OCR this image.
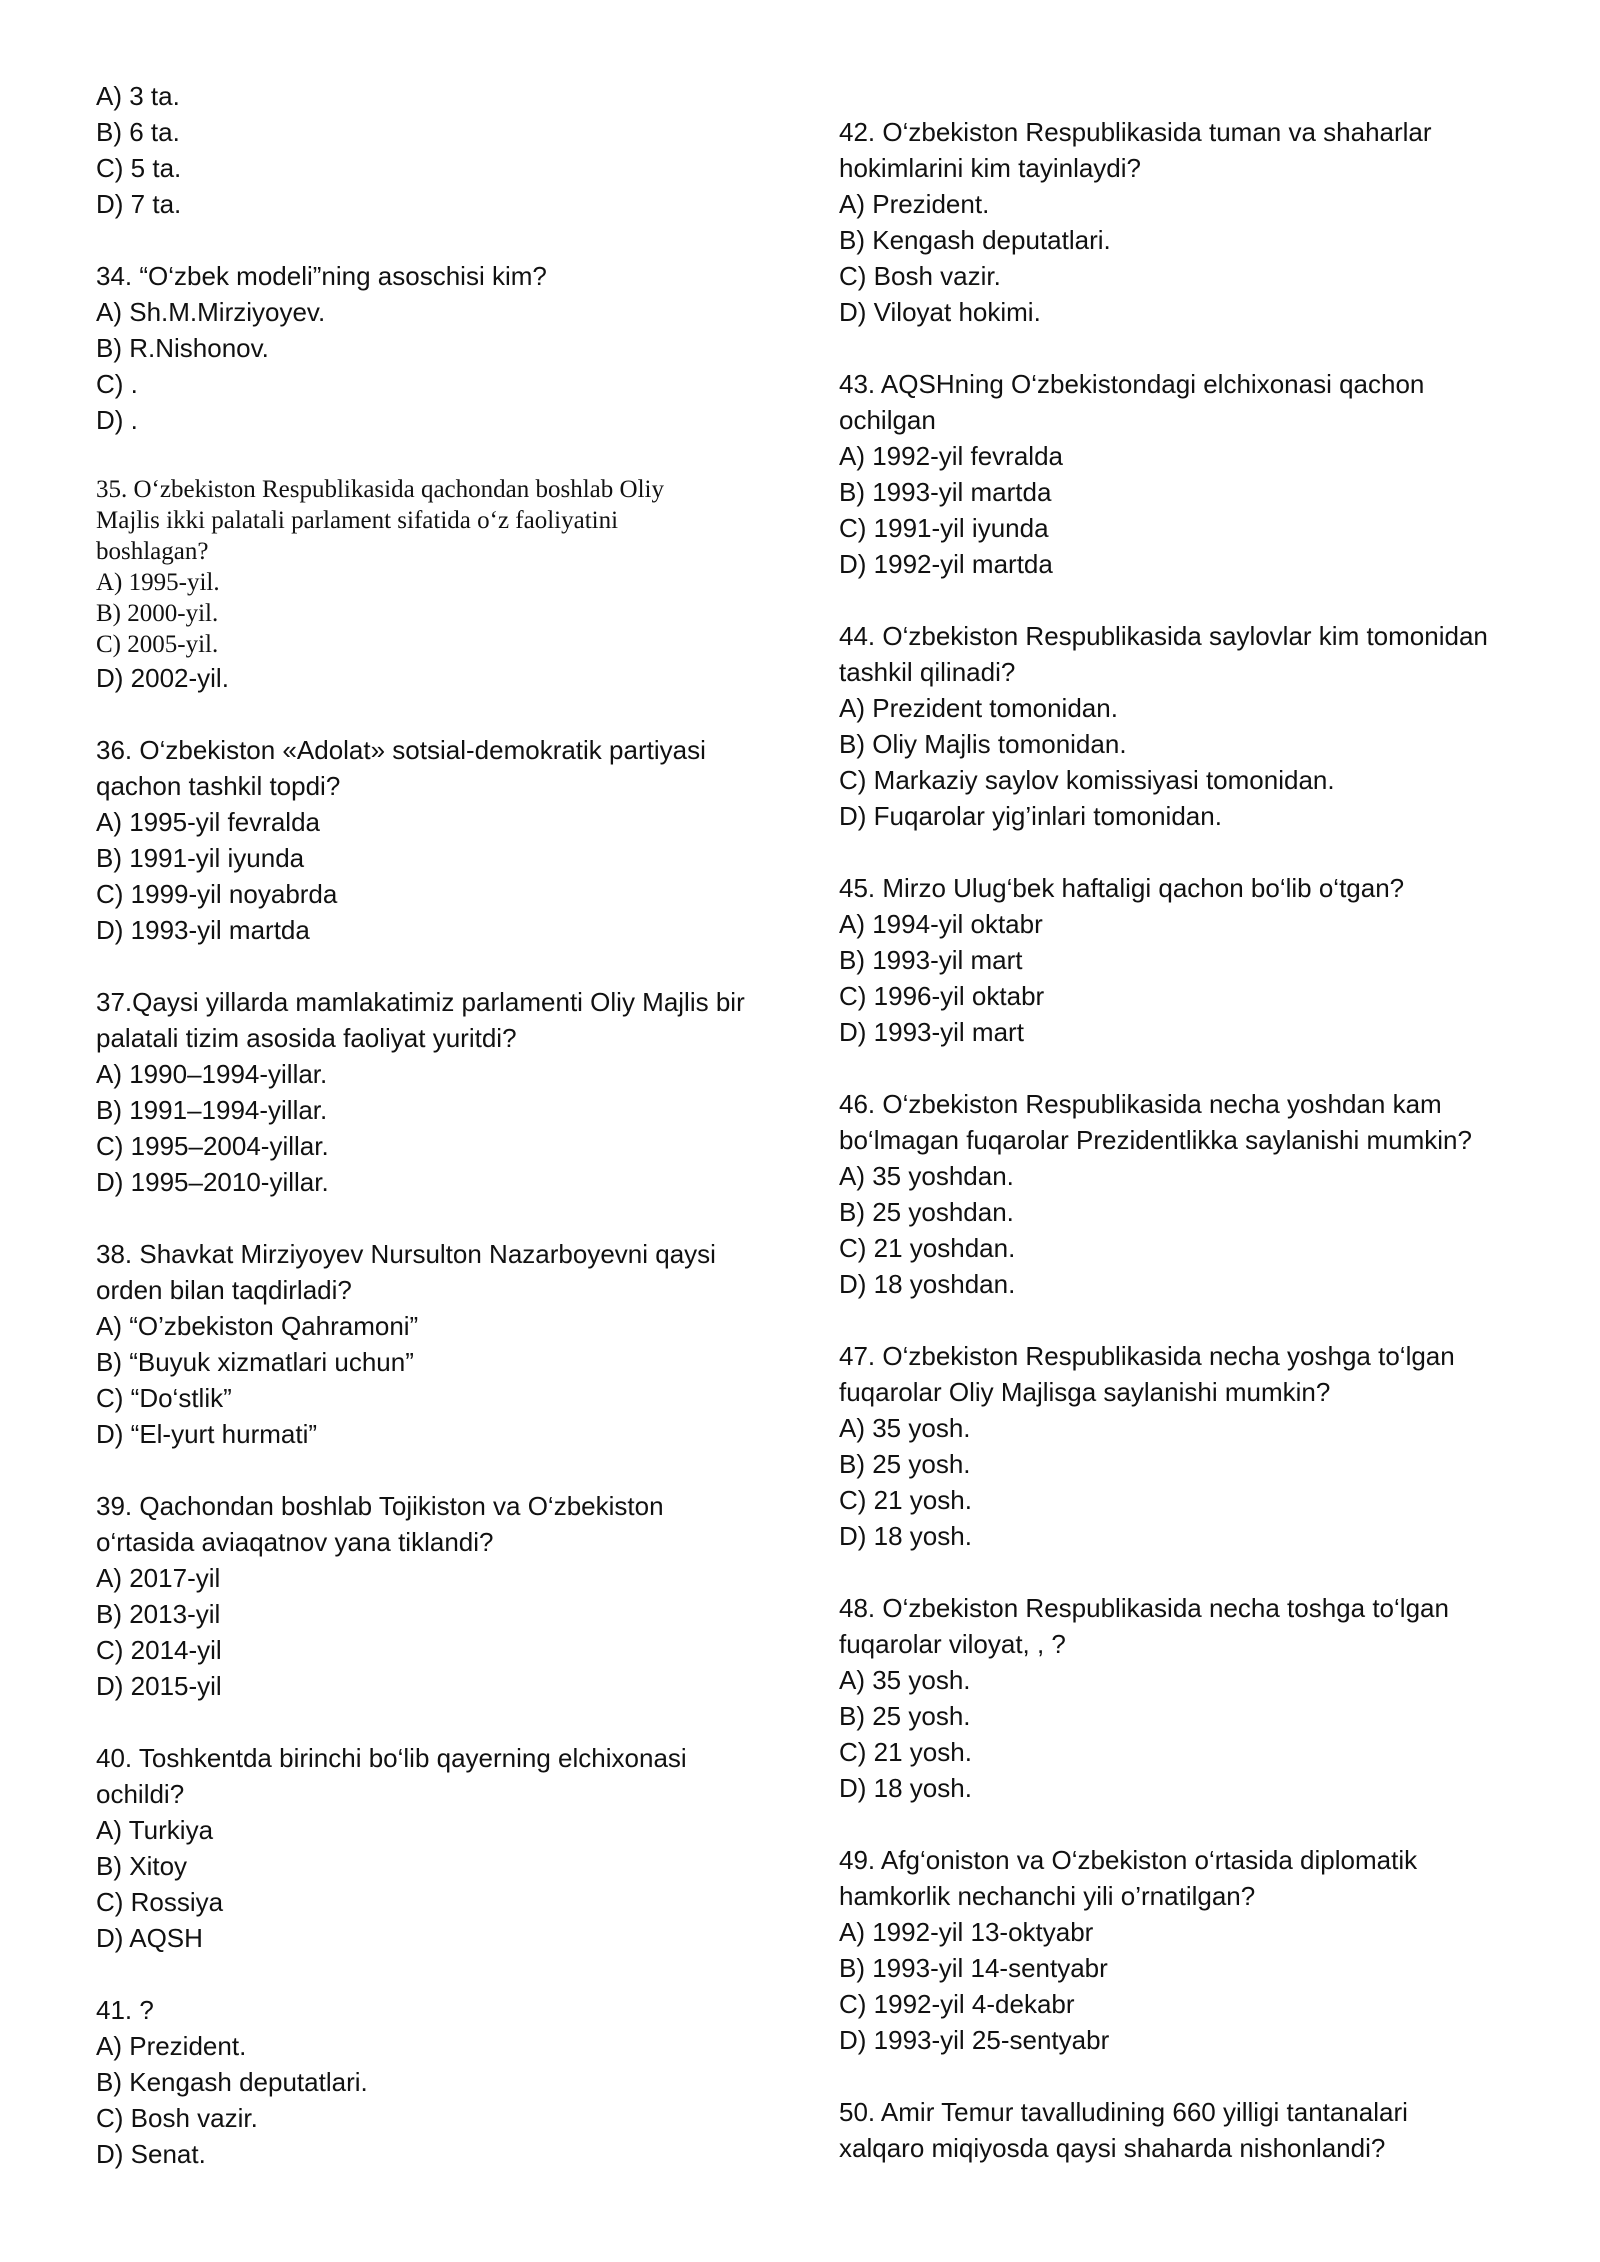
A) 3 ta.

B) 6 ta.

C) 5 ta.

D) 7 ta.

34. “O‘zbek modeli”ning asoschisi kim?

A) Sh.M.Mirziyoyev.

B) R.Nishonov.

C) .

D) .

35. O‘zbekiston Respublikasida qachondan boshlab Oliy

Majlis ikki palatali parlament sifatida o‘z faoliyatini

boshlagan?

A) 1995-yil.

B) 2000-yil.

C) 2005-yil.

D) 2002-yil.

36. O‘zbekiston «Adolat» sotsial-demokratik partiyasi

qachon tashkil topdi?

A) 1995-yil fevralda

B) 1991-yil iyunda

C) 1999-yil noyabrda

D) 1993-yil martda

37.Qaysi yillarda mamlakatimiz parlamenti Oliy Majlis bir

palatali tizim asosida faoliyat yuritdi?

A) 1990–1994-yillar.

B) 1991–1994-yillar.

C) 1995–2004-yillar.

D) 1995–2010-yillar.

38. Shavkat Mirziyoyev Nursulton Nazarboyevni qaysi

orden bilan taqdirladi?

A) “O’zbekiston Qahramoni”

B) “Buyuk xizmatlari uchun”

C) “Do‘stlik”

D) “El-yurt hurmati”

39. Qachondan boshlab Tojikiston va O‘zbekiston

o‘rtasida aviaqatnov yana tiklandi?

A) 2017-yil

B) 2013-yil

C) 2014-yil

D) 2015-yil

40. Toshkentda birinchi bo‘lib qayerning elchixonasi

ochildi?

A) Turkiya

B) Xitoy

C) Rossiya

D) AQSH

41. ?

A) Prezident.

B) Kengash deputatlari.

C) Bosh vazir.

D) Senat.

42. O‘zbekiston Respublikasida tuman va shaharlar

hokimlarini kim tayinlaydi?

A) Prezident.

B) Kengash deputatlari.

C) Bosh vazir.

D) Viloyat hokimi.

43. AQSHning O‘zbekistondagi elchixonasi qachon

ochilgan

A) 1992-yil fevralda

B) 1993-yil martda

C) 1991-yil iyunda

D) 1992-yil martda

44. O‘zbekiston Respublikasida saylovlar kim tomonidan

tashkil qilinadi?

A) Prezident tomonidan.

B) Oliy Majlis tomonidan.

C) Markaziy saylov komissiyasi tomonidan.

D) Fuqarolar yig’inlari tomonidan.

45. Mirzo Ulug‘bek haftaligi qachon bo‘lib o‘tgan?

A) 1994-yil oktabr

B) 1993-yil mart

C) 1996-yil oktabr

D) 1993-yil mart

46. O‘zbekiston Respublikasida necha yoshdan kam

bo‘lmagan fuqarolar Prezidentlikka saylanishi mumkin?

A) 35 yoshdan.

B) 25 yoshdan.

C) 21 yoshdan.

D) 18 yoshdan.

47. O‘zbekiston Respublikasida necha yoshga to‘lgan

fuqarolar Oliy Majlisga saylanishi mumkin?

A) 35 yosh.

B) 25 yosh.

C) 21 yosh.

D) 18 yosh.

48. O‘zbekiston Respublikasida necha toshga to‘lgan

fuqarolar viloyat, , ?

A) 35 yosh.

B) 25 yosh.

C) 21 yosh.

D) 18 yosh.

49. Afg‘oniston va O‘zbekiston o‘rtasida diplomatik

hamkorlik nechanchi yili o’rnatilgan?

A) 1992-yil 13-oktyabr

B) 1993-yil 14-sentyabr

C) 1992-yil 4-dekabr

D) 1993-yil 25-sentyabr

50. Amir Temur tavalludining 660 yilligi tantanalari

xalqaro miqiyosda qaysi shaharda nishonlandi?
